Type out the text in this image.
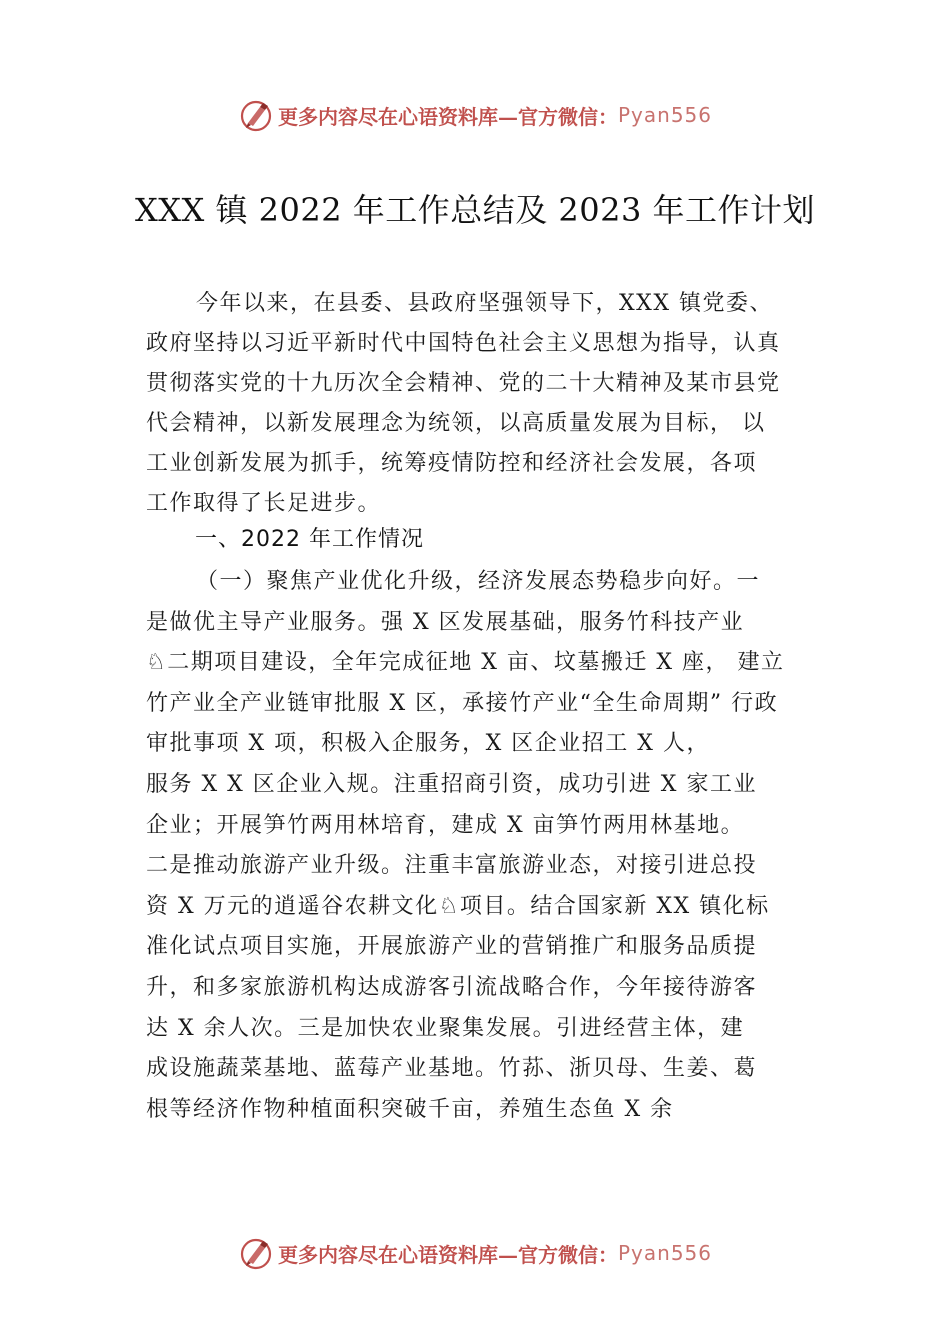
更多内容尽在心语资料库—官方微信： Pyan556
XXX 镇 2022 年工作总结及 2023 年工作计划
今年以来，在县委、县政府坚强领导下，XXX 镇党委、
政府坚持以习近平新时代中国特色社会主义思想为指导，认真
贯彻落实党的十九历次全会精神、党的二十大精神及某市县党
代会精神，以新发展理念为统领，以高质量发展为目标， 以
工业创新发展为抓手，统筹疫情防控和经济社会发展，各项
工作取得了长足进步。
一、2022 年工作情况
（一）聚焦产业优化升级，经济发展态势稳步向好。一
是做优主导产业服务。强 X 区发展基础，服务竹科技产业
♘二期项目建设，全年完成征地 X 亩、坟墓搬迁 X 座， 建立
竹产业全产业链审批服 X 区，承接竹产业“全生命周期” 行政
审批事项 X 项，积极入企服务，X 区企业招工 X 人，
服务 X X 区企业入规。注重招商引资，成功引进 X 家工业
企业；开展笋竹两用林培育，建成 X 亩笋竹两用林基地。
二是推动旅游产业升级。注重丰富旅游业态，对接引进总投
资 X 万元的逍遥谷农耕文化♘项目。结合国家新 XX 镇化标
准化试点项目实施，开展旅游产业的营销推广和服务品质提
升，和多家旅游机构达成游客引流战略合作，今年接待游客
达 X 余人次。三是加快农业聚集发展。引进经营主体，建
成设施蔬菜基地、蓝莓产业基地。竹荪、浙贝母、生姜、葛
根等经济作物种植面积突破千亩，养殖生态鱼 X 余
更多内容尽在心语资料库—官方微信： Pyan556
